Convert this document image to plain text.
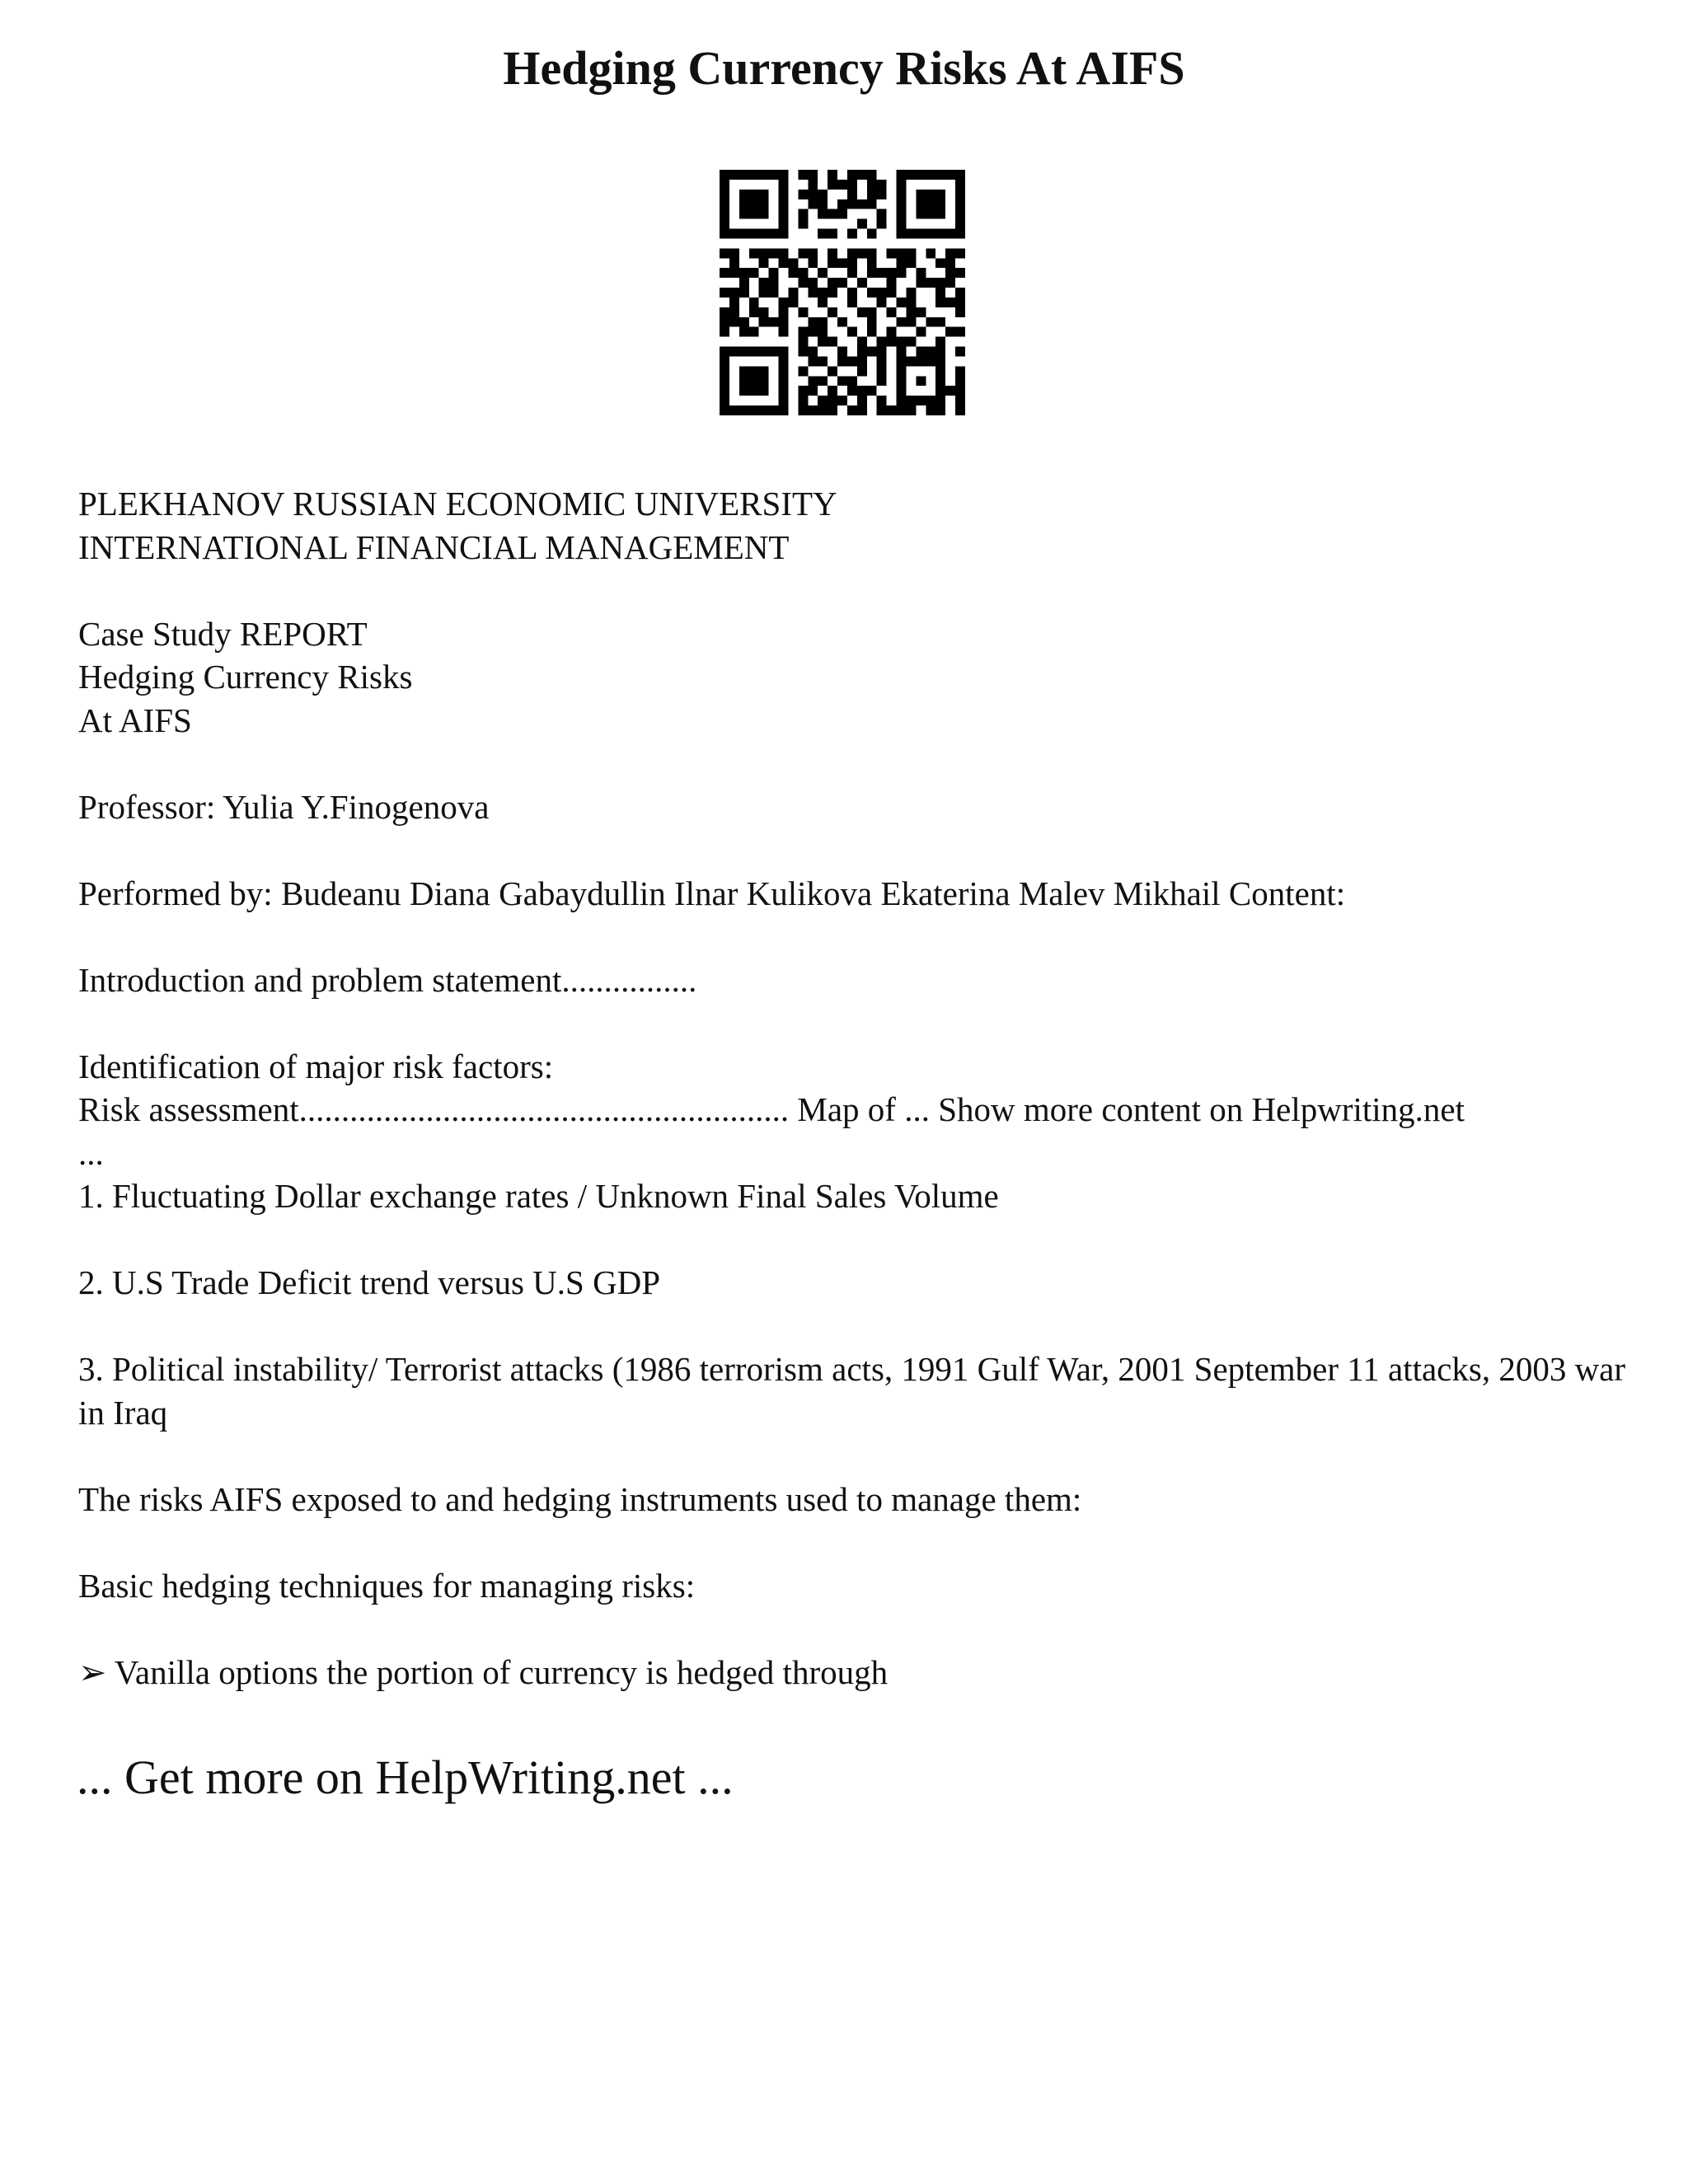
Hedging Currency Risks At AIFS
PLEKHANOV RUSSIAN ECONOMIC UNIVERSITY
INTERNATIONAL FINANCIAL MANAGEMENT
Case Study REPORT
Hedging Currency Risks
At AIFS
Professor: Yulia Y.Finogenova
Performed by: Budeanu Diana Gabaydullin Ilnar Kulikova Ekaterina Malev Mikhail Content:
Introduction and problem statement................
Identification of major risk factors:
Risk assessment.......................................................... Map of ... Show more content on Helpwriting.net
...
1. Fluctuating Dollar exchange rates / Unknown Final Sales Volume
2. U.S Trade Deficit trend versus U.S GDP
3. Political instability/ Terrorist attacks (1986 terrorism acts, 1991 Gulf War, 2001 September 11 attacks, 2003 war in Iraq
The risks AIFS exposed to and hedging instruments used to manage them:
Basic hedging techniques for managing risks:
➢ Vanilla options the portion of currency is hedged through
... Get more on HelpWriting.net ...
